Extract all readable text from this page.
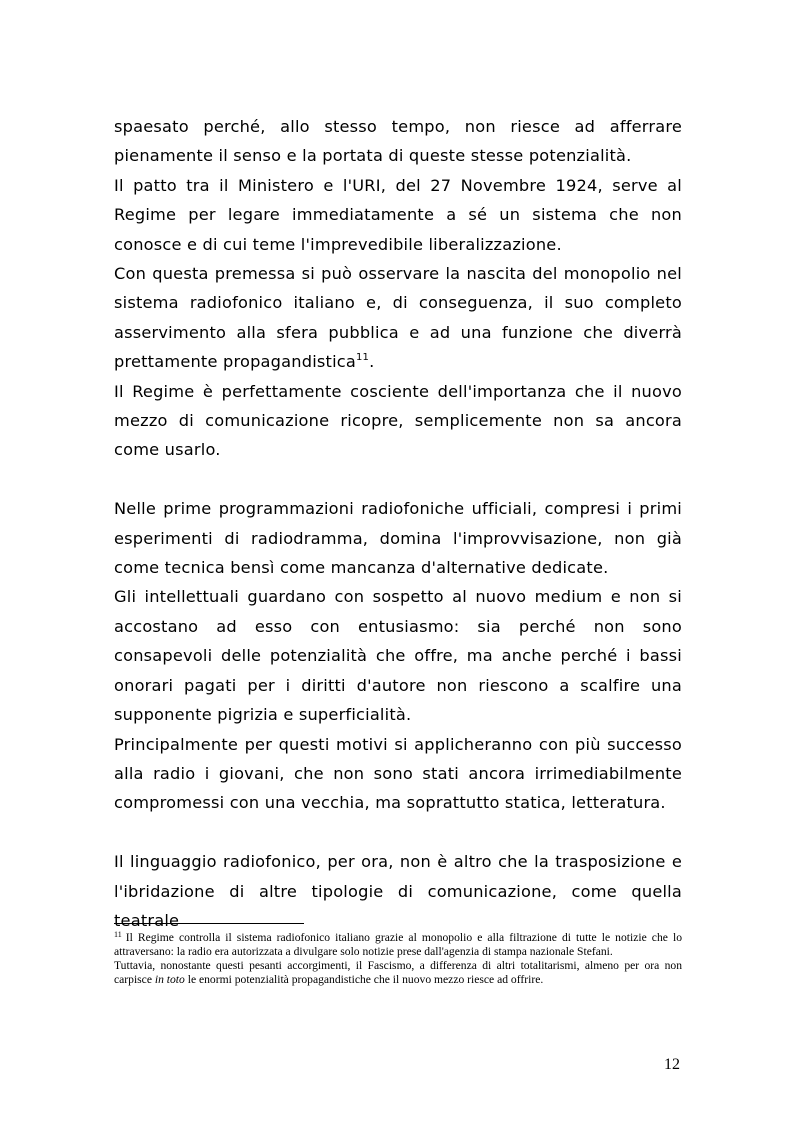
spaesato perché, allo stesso tempo, non riesce ad afferrare pienamente il senso e la portata di queste stesse potenzialità.

Il patto tra il Ministero e l'URI, del 27 Novembre 1924, serve al Regime per legare immediatamente a sé un sistema che non conosce e di cui teme l'imprevedibile liberalizzazione.

Con questa premessa si può osservare la nascita del monopolio nel sistema radiofonico italiano e, di conseguenza, il suo completo asservimento alla sfera pubblica e ad una funzione che diverrà prettamente propagandistica$^{11}$.

Il Regime è perfettamente cosciente dell'importanza che il nuovo mezzo di comunicazione ricopre, semplicemente non sa ancora come usarlo.

Nelle prime programmazioni radiofoniche ufficiali, compresi i primi esperimenti di radiodramma, domina l'improvvisazione, non già come tecnica bensì come mancanza d'alternative dedicate.

Gli intellettuali guardano con sospetto al nuovo medium e non si accostano ad esso con entusiasmo: sia perché non sono consapevoli delle potenzialità che offre, ma anche perché i bassi onorari pagati per i diritti d'autore non riescono a scalfire una supponente pigrizia e superficialità.

Principalmente per questi motivi si applicheranno con più successo alla radio i giovani, che non sono stati ancora irrimediabilmente compromessi con una vecchia, ma soprattutto statica, letteratura.

Il linguaggio radiofonico, per ora, non è altro che la trasposizione e l'ibridazione di altre tipologie di comunicazione, come quella teatrale

$^{11}$ Il Regime controlla il sistema radiofonico italiano grazie al monopolio e alla filtrazione di tutte le notizie che lo attraversano: la radio era autorizzata a divulgare solo notizie prese dall'agenzia di stampa nazionale Stefani.

Tuttavia, nonostante questi pesanti accorgimenti, il Fascismo, a differenza di altri totalitarismi, almeno per ora non carpisce in toto le enormi potenzialità propagandistiche che il nuovo mezzo riesce ad offrire.

12
